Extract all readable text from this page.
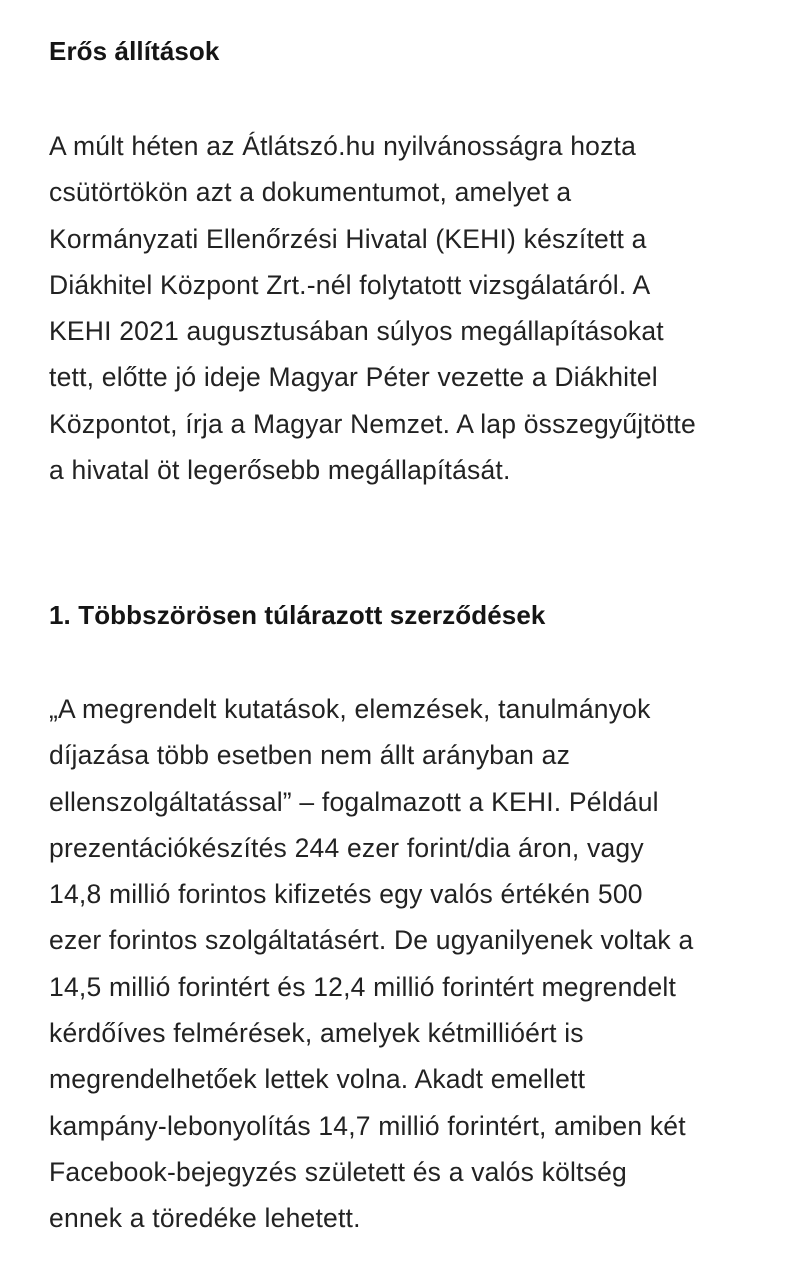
Erős állítások

A múlt héten az Átlátszó.hu nyilvánosságra hozta
csütörtökön azt a dokumentumot, amelyet a
Kormányzati Ellenőrzési Hivatal (KEHI) készített a
Diákhitel Központ Zrt.-nél folytatott vizsgálatáról. A
KEHI 2021 augusztusában súlyos megállapításokat
tett, előtte jó ideje Magyar Péter vezette a Diákhitel
Központot, írja a Magyar Nemzet. A lap összegyűjtötte
a hivatal öt legerősebb megállapítását.

1. Többszörösen túlárazott szerződések

„A megrendelt kutatások, elemzések, tanulmányok
díjazása több esetben nem állt arányban az
ellenszolgáltatással” – fogalmazott a KEHI. Például
prezentációkészítés 244 ezer forint/dia áron, vagy
14,8 millió forintos kifizetés egy valós értékén 500
ezer forintos szolgáltatásért. De ugyanilyenek voltak a
14,5 millió forintért és 12,4 millió forintért megrendelt
kérdőíves felmérések, amelyek kétmillióért is
megrendelhetőek lettek volna. Akadt emellett
kampány-lebonyolítás 14,7 millió forintért, amiben két
Facebook-bejegyzés született és a valós költség
ennek a töredéke lehetett.
